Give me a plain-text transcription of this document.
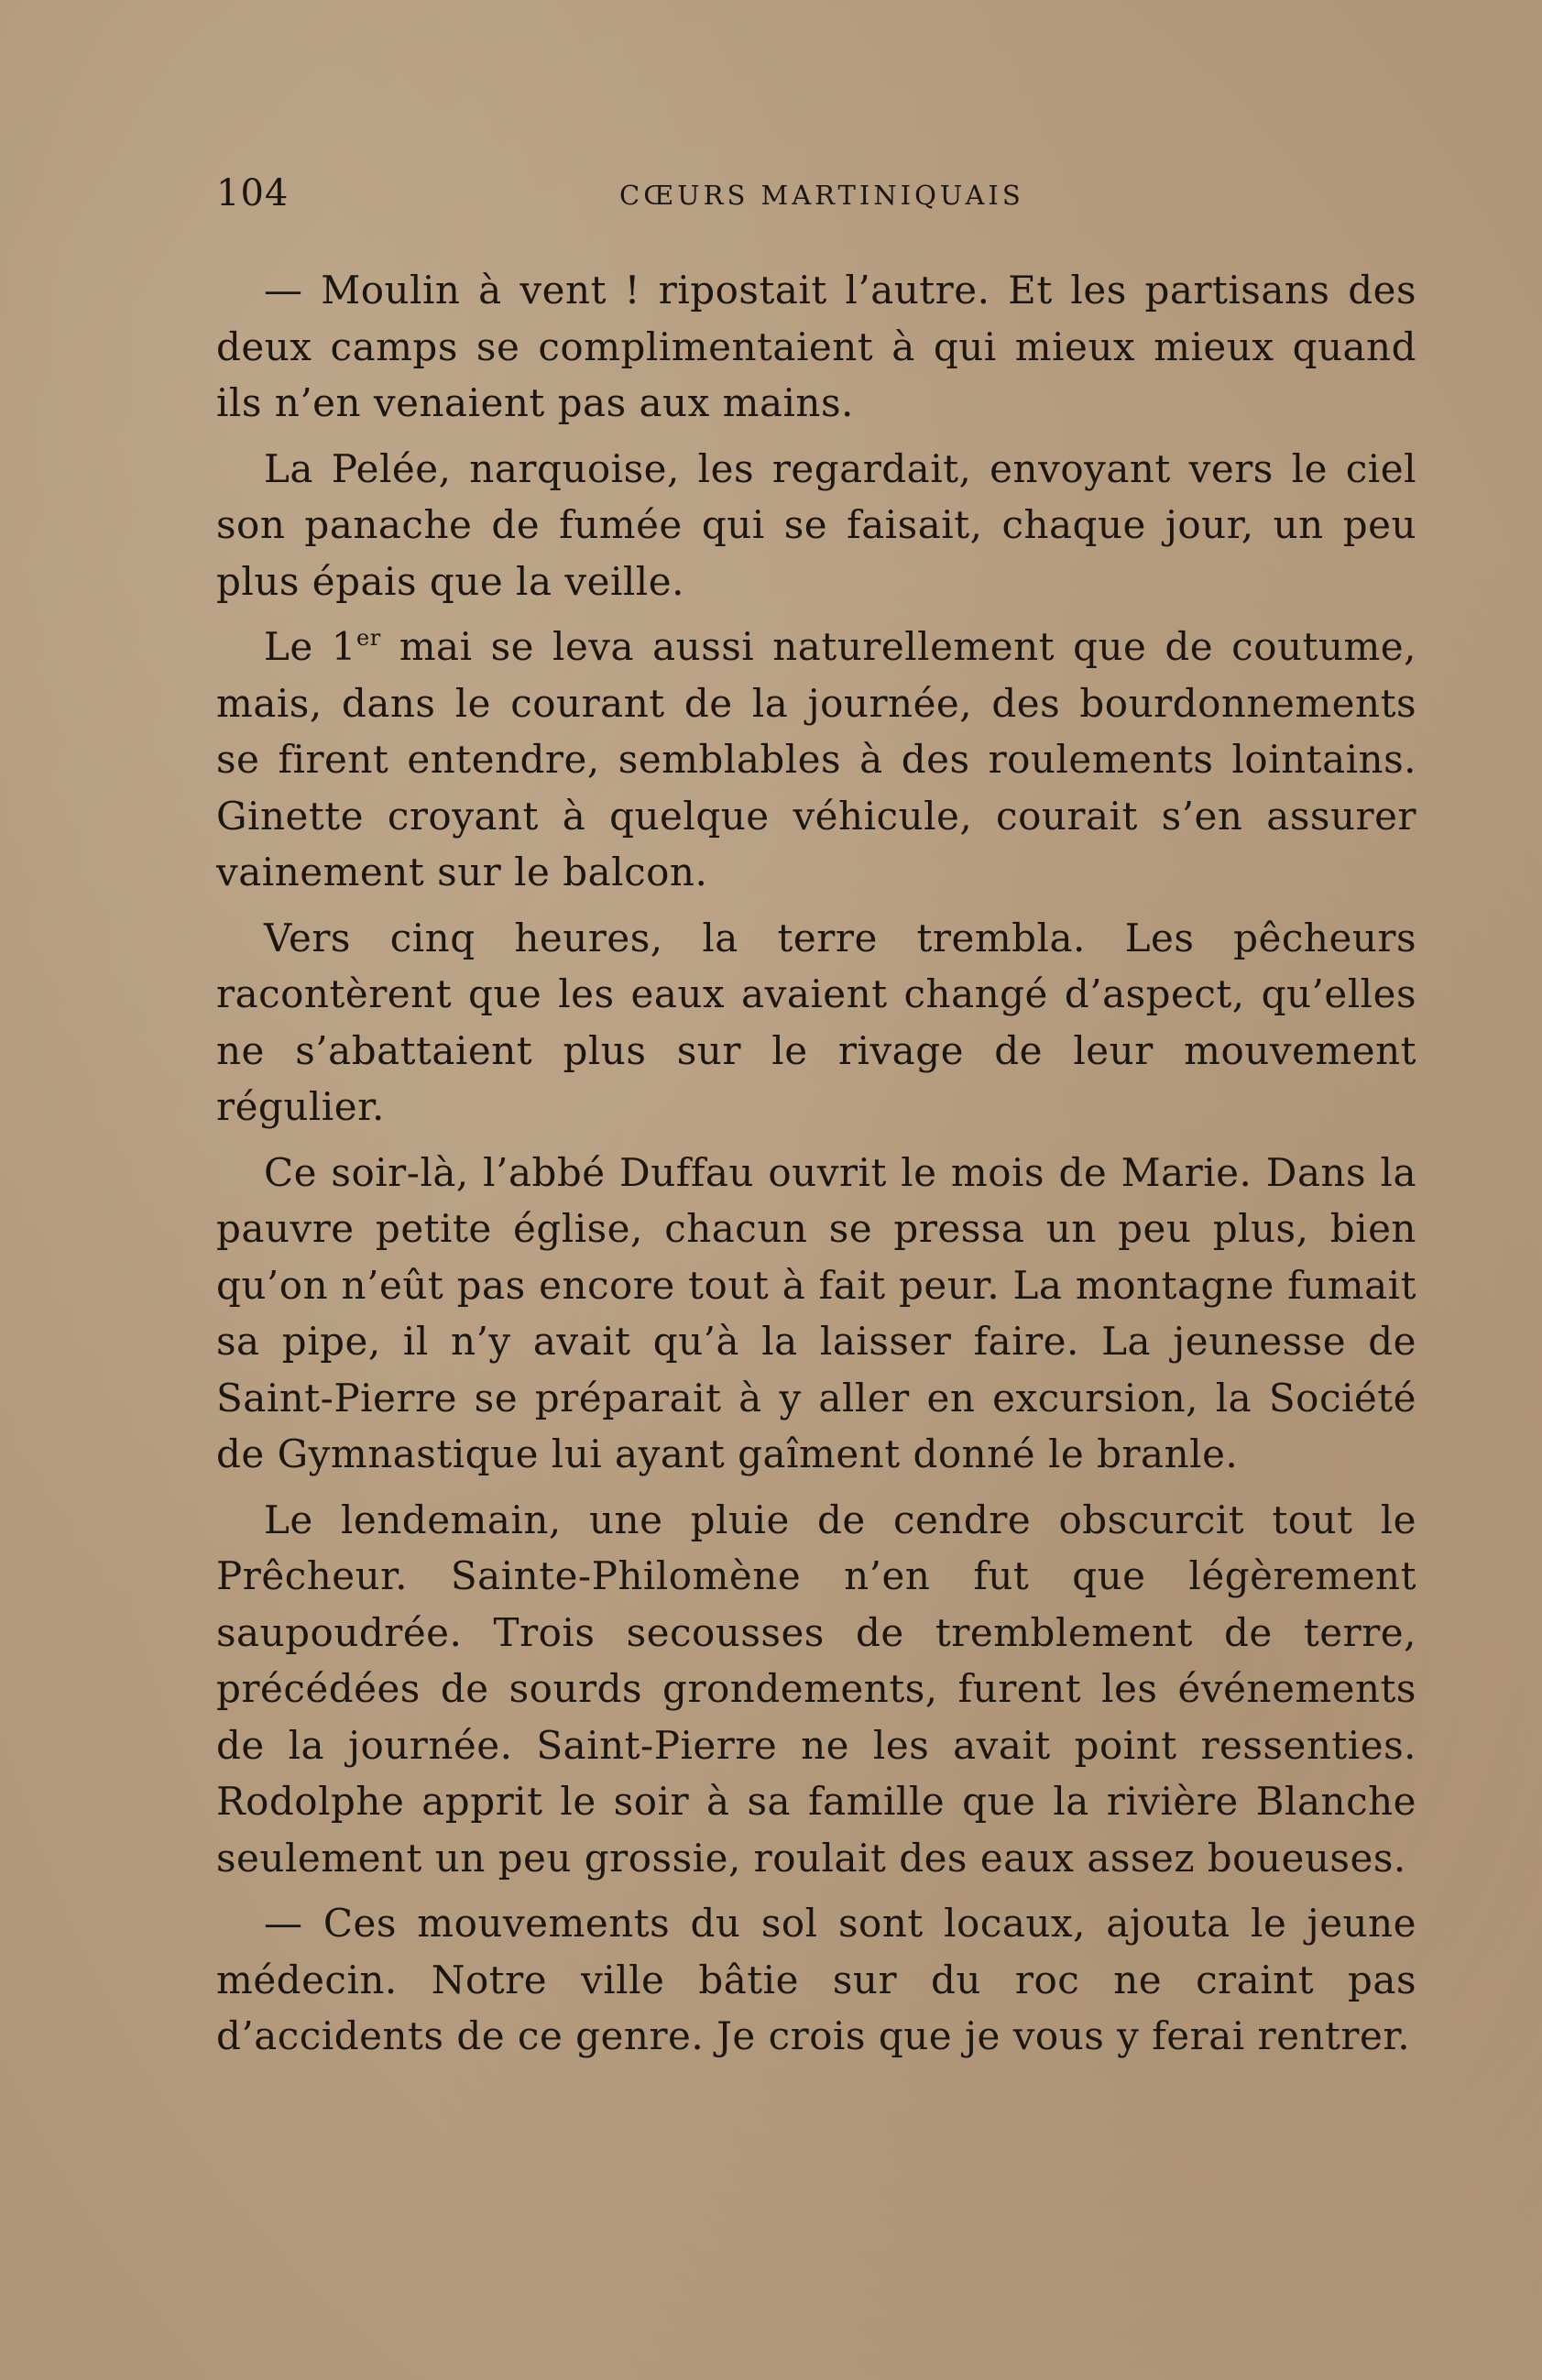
104	CŒURS MARTINIQUAIS

— Moulin à vent ! ripostait l’autre. Et les partisans des deux camps se complimentaient à qui mieux mieux quand ils n’en venaient pas aux mains.

La Pelée, narquoise, les regardait, envoyant vers le ciel son panache de fumée qui se faisait, chaque jour, un peu plus épais que la veille.

Le 1er mai se leva aussi naturellement que de coutume, mais, dans le courant de la journée, des bourdonnements se firent entendre, semblables à des roulements lointains. Ginette croyant à quelque véhicule, courait s’en assurer vainement sur le balcon.

Vers cinq heures, la terre trembla. Les pêcheurs racontèrent que les eaux avaient changé d’aspect, qu’elles ne s’abattaient plus sur le rivage de leur mouvement régulier.

Ce soir-là, l’abbé Duffau ouvrit le mois de Marie. Dans la pauvre petite église, chacun se pressa un peu plus, bien qu’on n’eût pas encore tout à fait peur. La montagne fumait sa pipe, il n’y avait qu’à la laisser faire. La jeunesse de Saint-Pierre se préparait à y aller en excursion, la Société de Gymnastique lui ayant gaîment donné le branle.

Le lendemain, une pluie de cendre obscurcit tout le Prêcheur. Sainte-Philomène n’en fut que légèrement saupoudrée. Trois secousses de tremblement de terre, précédées de sourds grondements, furent les événements de la journée. Saint-Pierre ne les avait point ressenties. Rodolphe apprit le soir à sa famille que la rivière Blanche seulement un peu grossie, roulait des eaux assez boueuses.

— Ces mouvements du sol sont locaux, ajouta le jeune médecin. Notre ville bâtie sur du roc ne craint pas d’accidents de ce genre. Je crois que je vous y ferai rentrer.
